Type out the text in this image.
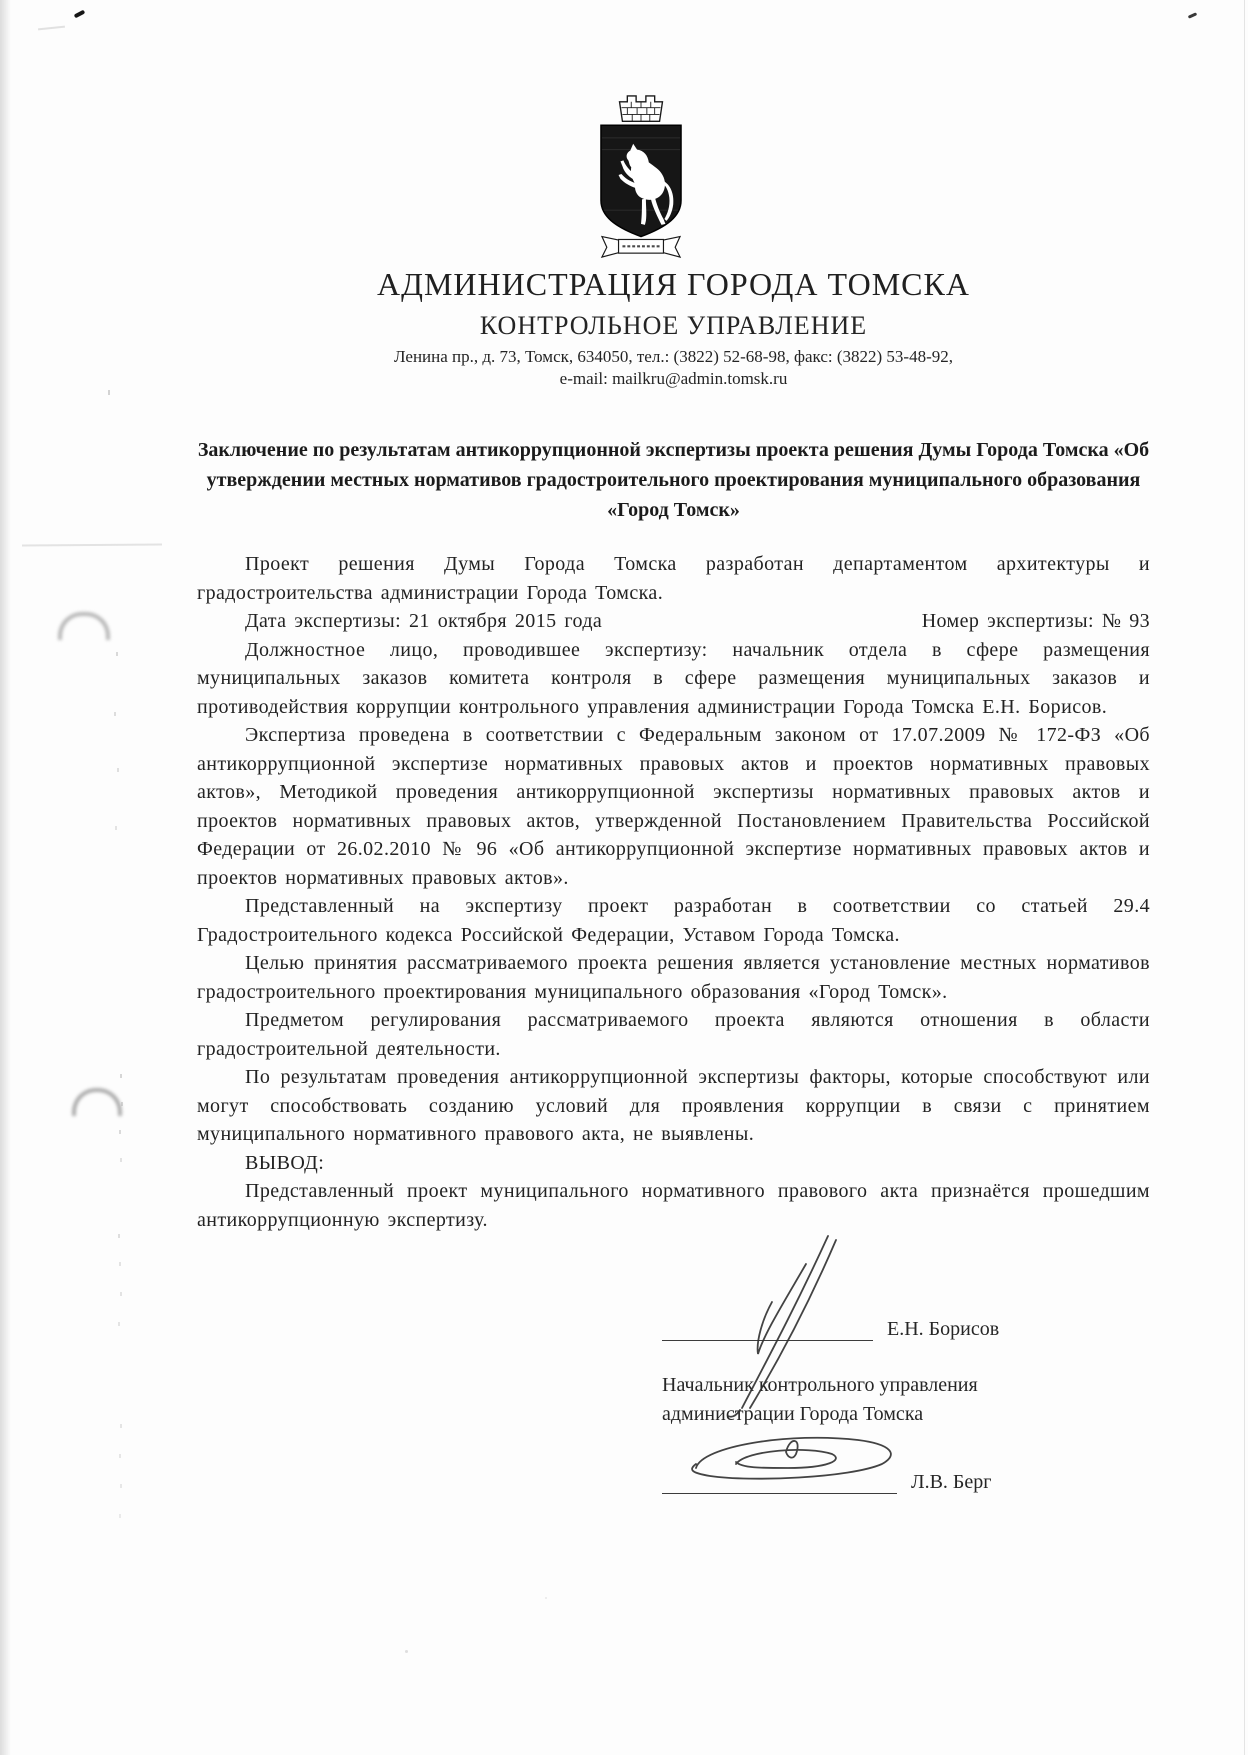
АДМИНИСТРАЦИЯ ГОРОДА ТОМСКА
КОНТРОЛЬНОЕ УПРАВЛЕНИЕ
Ленина пр., д. 73, Томск, 634050, тел.: (3822) 52-68-98, факс: (3822) 53-48-92,
e-mail: mailkru@admin.tomsk.ru
Заключение по результатам антикоррупционной экспертизы проекта решения Думы Города Томска «Об утверждении местных нормативов градостроительного проектирования муниципального образования «Город Томск»

Проект решения Думы Города Томска разработан департаментом архитектуры и градостроительства администрации Города Томска.

Дата экспертизы: 21 октября 2015 года	Номер экспертизы: № 93

Должностное лицо, проводившее экспертизу: начальник отдела в сфере размещения муниципальных заказов комитета контроля в сфере размещения муниципальных заказов и противодействия коррупции контрольного управления администрации Города Томска Е.Н. Борисов.

Экспертиза проведена в соответствии с Федеральным законом от 17.07.2009 № 172-ФЗ «Об антикоррупционной экспертизе нормативных правовых актов и проектов нормативных правовых актов», Методикой проведения антикоррупционной экспертизы нормативных правовых актов и проектов нормативных правовых актов, утвержденной Постановлением Правительства Российской Федерации от 26.02.2010 № 96 «Об антикоррупционной экспертизе нормативных правовых актов и проектов нормативных правовых актов».

Представленный на экспертизу проект разработан в соответствии со статьей 29.4 Градостроительного кодекса Российской Федерации, Уставом Города Томска.

Целью принятия рассматриваемого проекта решения является установление местных нормативов градостроительного проектирования муниципального образования «Город Томск».

Предметом регулирования рассматриваемого проекта являются отношения в области градостроительной деятельности.

По результатам проведения антикоррупционной экспертизы факторы, которые способствуют или могут способствовать созданию условий для проявления коррупции в связи с принятием муниципального нормативного правового акта, не выявлены.

ВЫВОД:

Представленный проект муниципального нормативного правового акта признаётся прошедшим антикоррупционную экспертизу.

Е.Н. Борисов
Начальник контрольного управления
администрации Города Томска
Л.В. Берг
